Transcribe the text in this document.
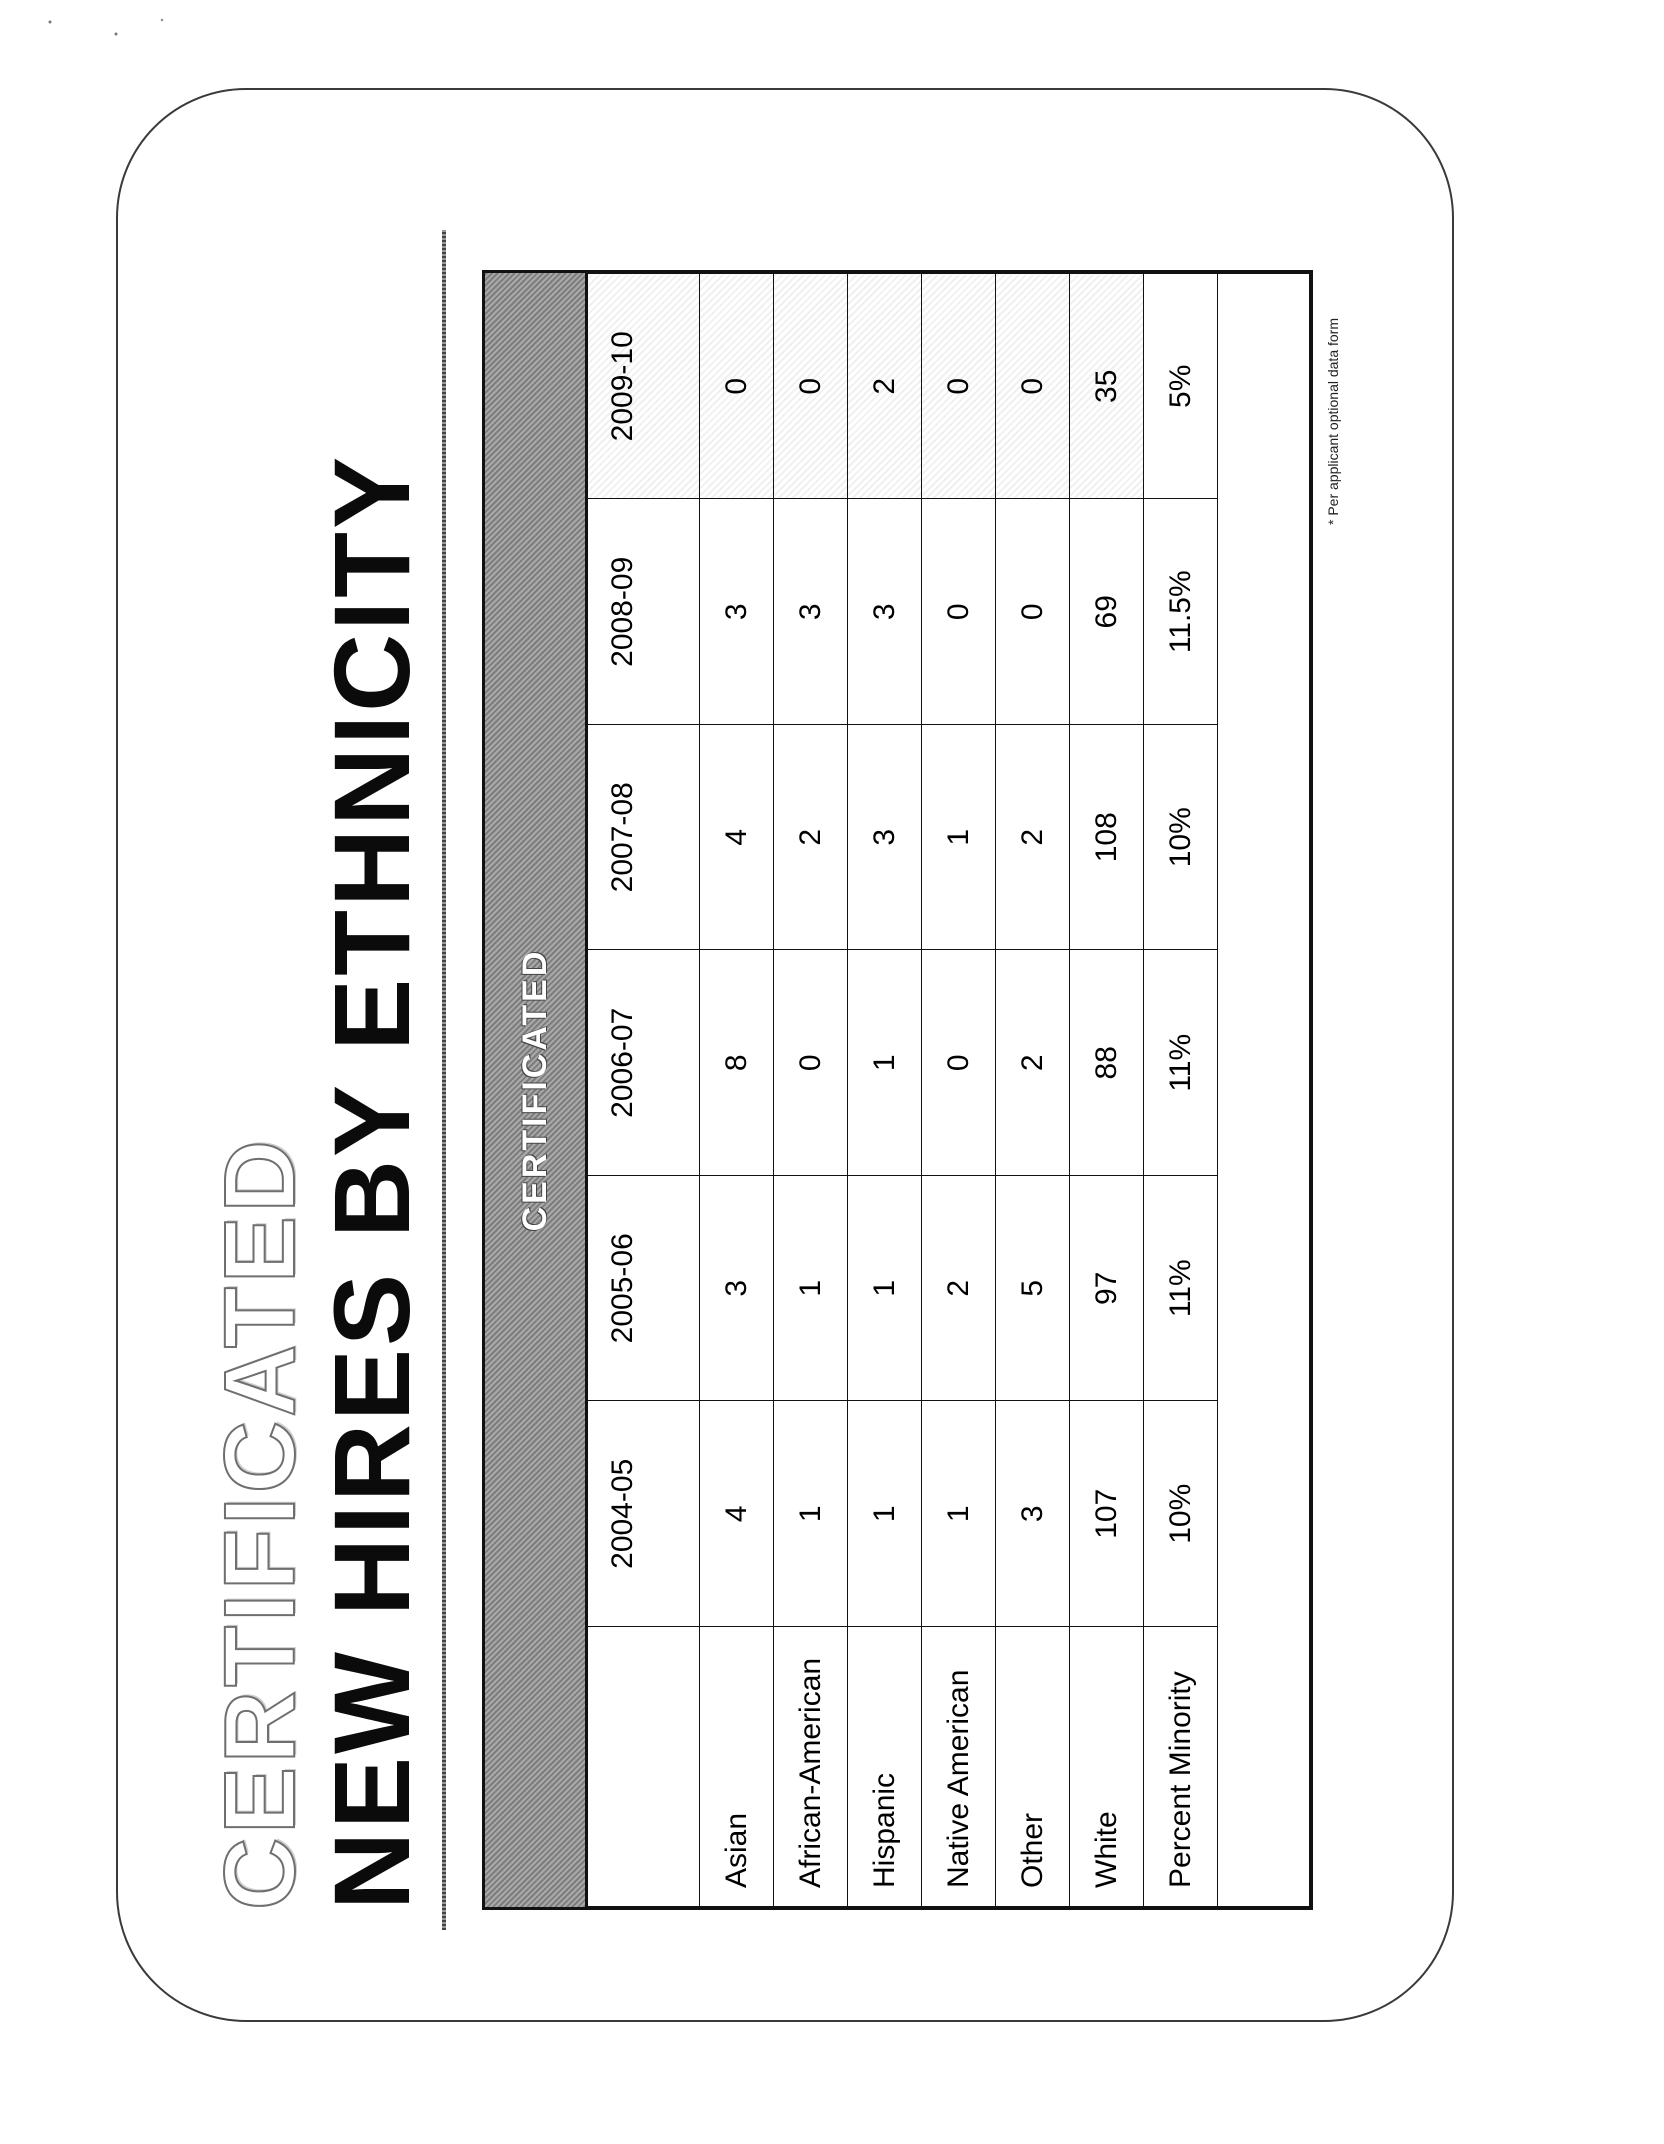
CERTIFICATED
NEW HIRES BY ETHNICITY	CERTIFICATED
	2004-05	2005-06	2006-07	2007-08	2008-09	2009-10
Asian	4	3	8	4	3	0
African-American	1	1	0	2	3	0
Hispanic	1	1	1	3	3	2
Native American	1	2	0	1	0	0
Other	3	5	2	2	0	0
White	107	97	88	108	69	35
Percent Minority	10%	11%	11%	10%	11.5%	5%

* Per applicant optional data form						
